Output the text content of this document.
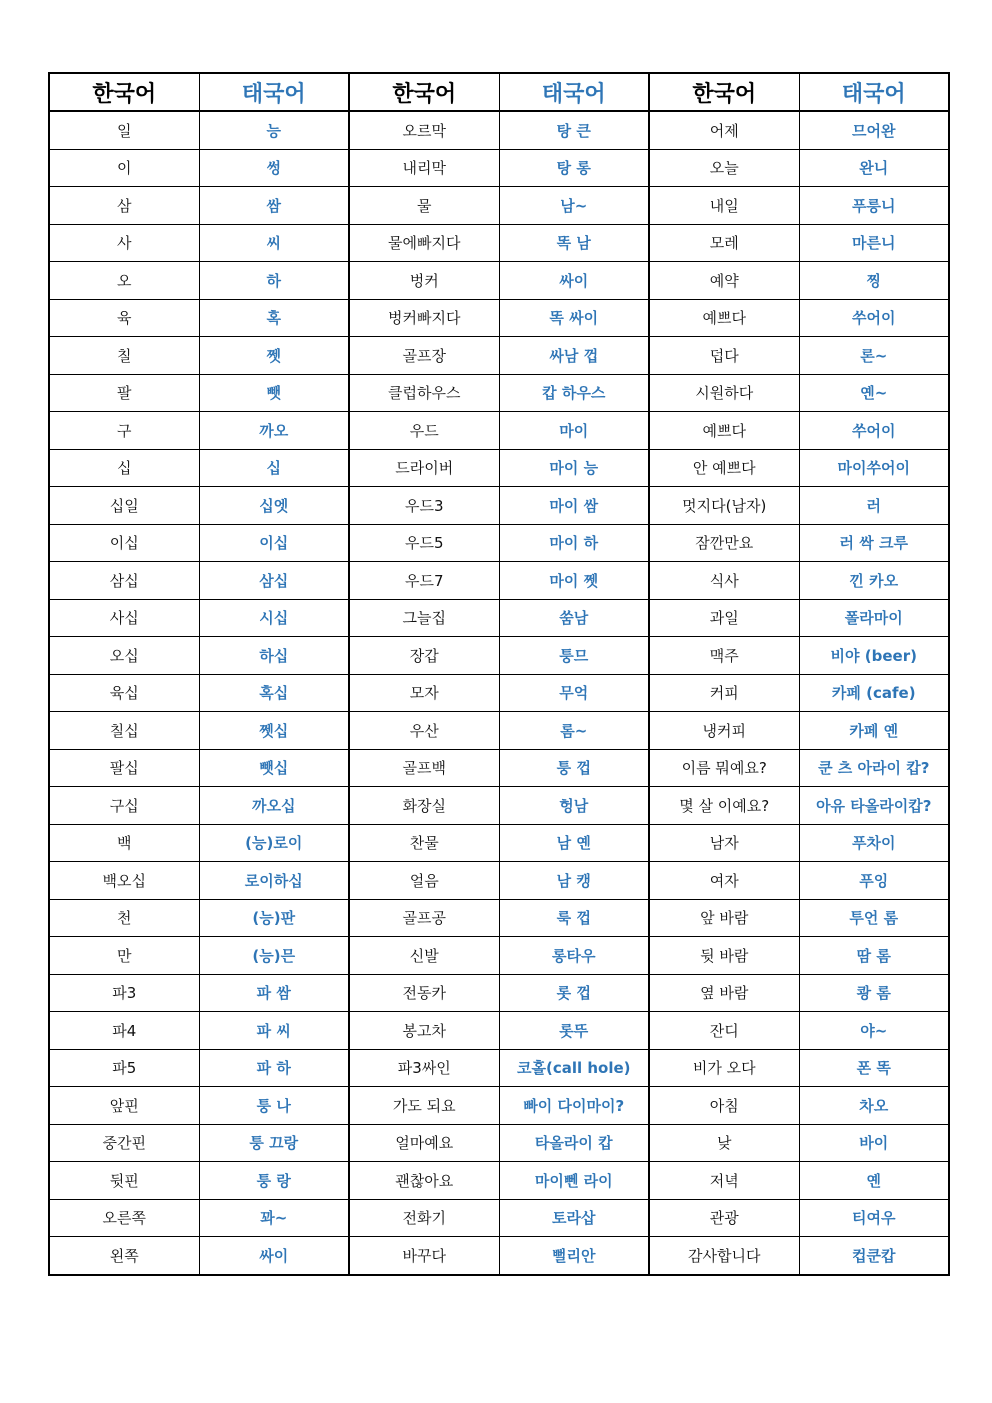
한국어	태국어	한국어	태국어	한국어	태국어
일	능	오르막	탕 큰	어제	므어완
이	썽	내리막	탕 롱	오늘	완니
삼	쌈	물	남~	내일	푸릉니
사	씨	물에빠지다	똑 남	모레	마른니
오	하	벙커	싸이	예약	찡
육	혹	벙커빠지다	똑 싸이	예쁘다	쑤어이
칠	쩻	골프장	싸남 껍	덥다	론~
팔	뺏	클럽하우스	캅 하우스	시원하다	옌~
구	까오	우드	마이	예쁘다	쑤어이
십	십	드라이버	마이 능	안 예쁘다	마이쑤어이
십일	십엣	우드3	마이 쌈	멋지다(남자)	러
이십	이십	우드5	마이 하	잠깐만요	러 싹 크루
삼십	삼십	우드7	마이 쩻	식사	낀 카오
사십	시십	그늘집	쑴남	과일	폴라마이
오십	하십	장갑	퉁므	맥주	비야 (beer)
육십	혹십	모자	무억	커피	카페 (cafe)
칠십	쩻십	우산	롬~	냉커피	카페 옌
팔십	뺏십	골프백	퉁 껍	이름 뭐예요?	쿤 츠 아라이 캅?
구십	까오십	화장실	헝남	몇 살 이예요?	아유 타올라이캅?
백	(능)로이	찬물	남 옌	남자	푸차이
백오십	로이하십	얼음	남 캥	여자	푸잉
천	(능)판	골프공	룩 껍	앞 바람	투언 롬
만	(능)믄	신발	롱타우	뒷 바람	땀 롬
파3	파 쌈	전동카	롯 껍	옆 바람	쾅 롬
파4	파 씨	봉고차	롯뚜	잔디	야~
파5	파 하	파3싸인	코홀(call hole)	비가 오다	폰 똑
앞핀	퉁 나	가도 되요	빠이 다이마이?	아침	차오
중간핀	퉁 끄랑	얼마예요	타올라이 캅	낮	바이
뒷핀	퉁 랑	괜찮아요	마이뻰 라이	저녁	옌
오른쪽	꽈~	전화기	토라삽	관광	티여우
왼쪽	싸이	바꾸다	뻘리안	감사합니다	컵쿤캅
